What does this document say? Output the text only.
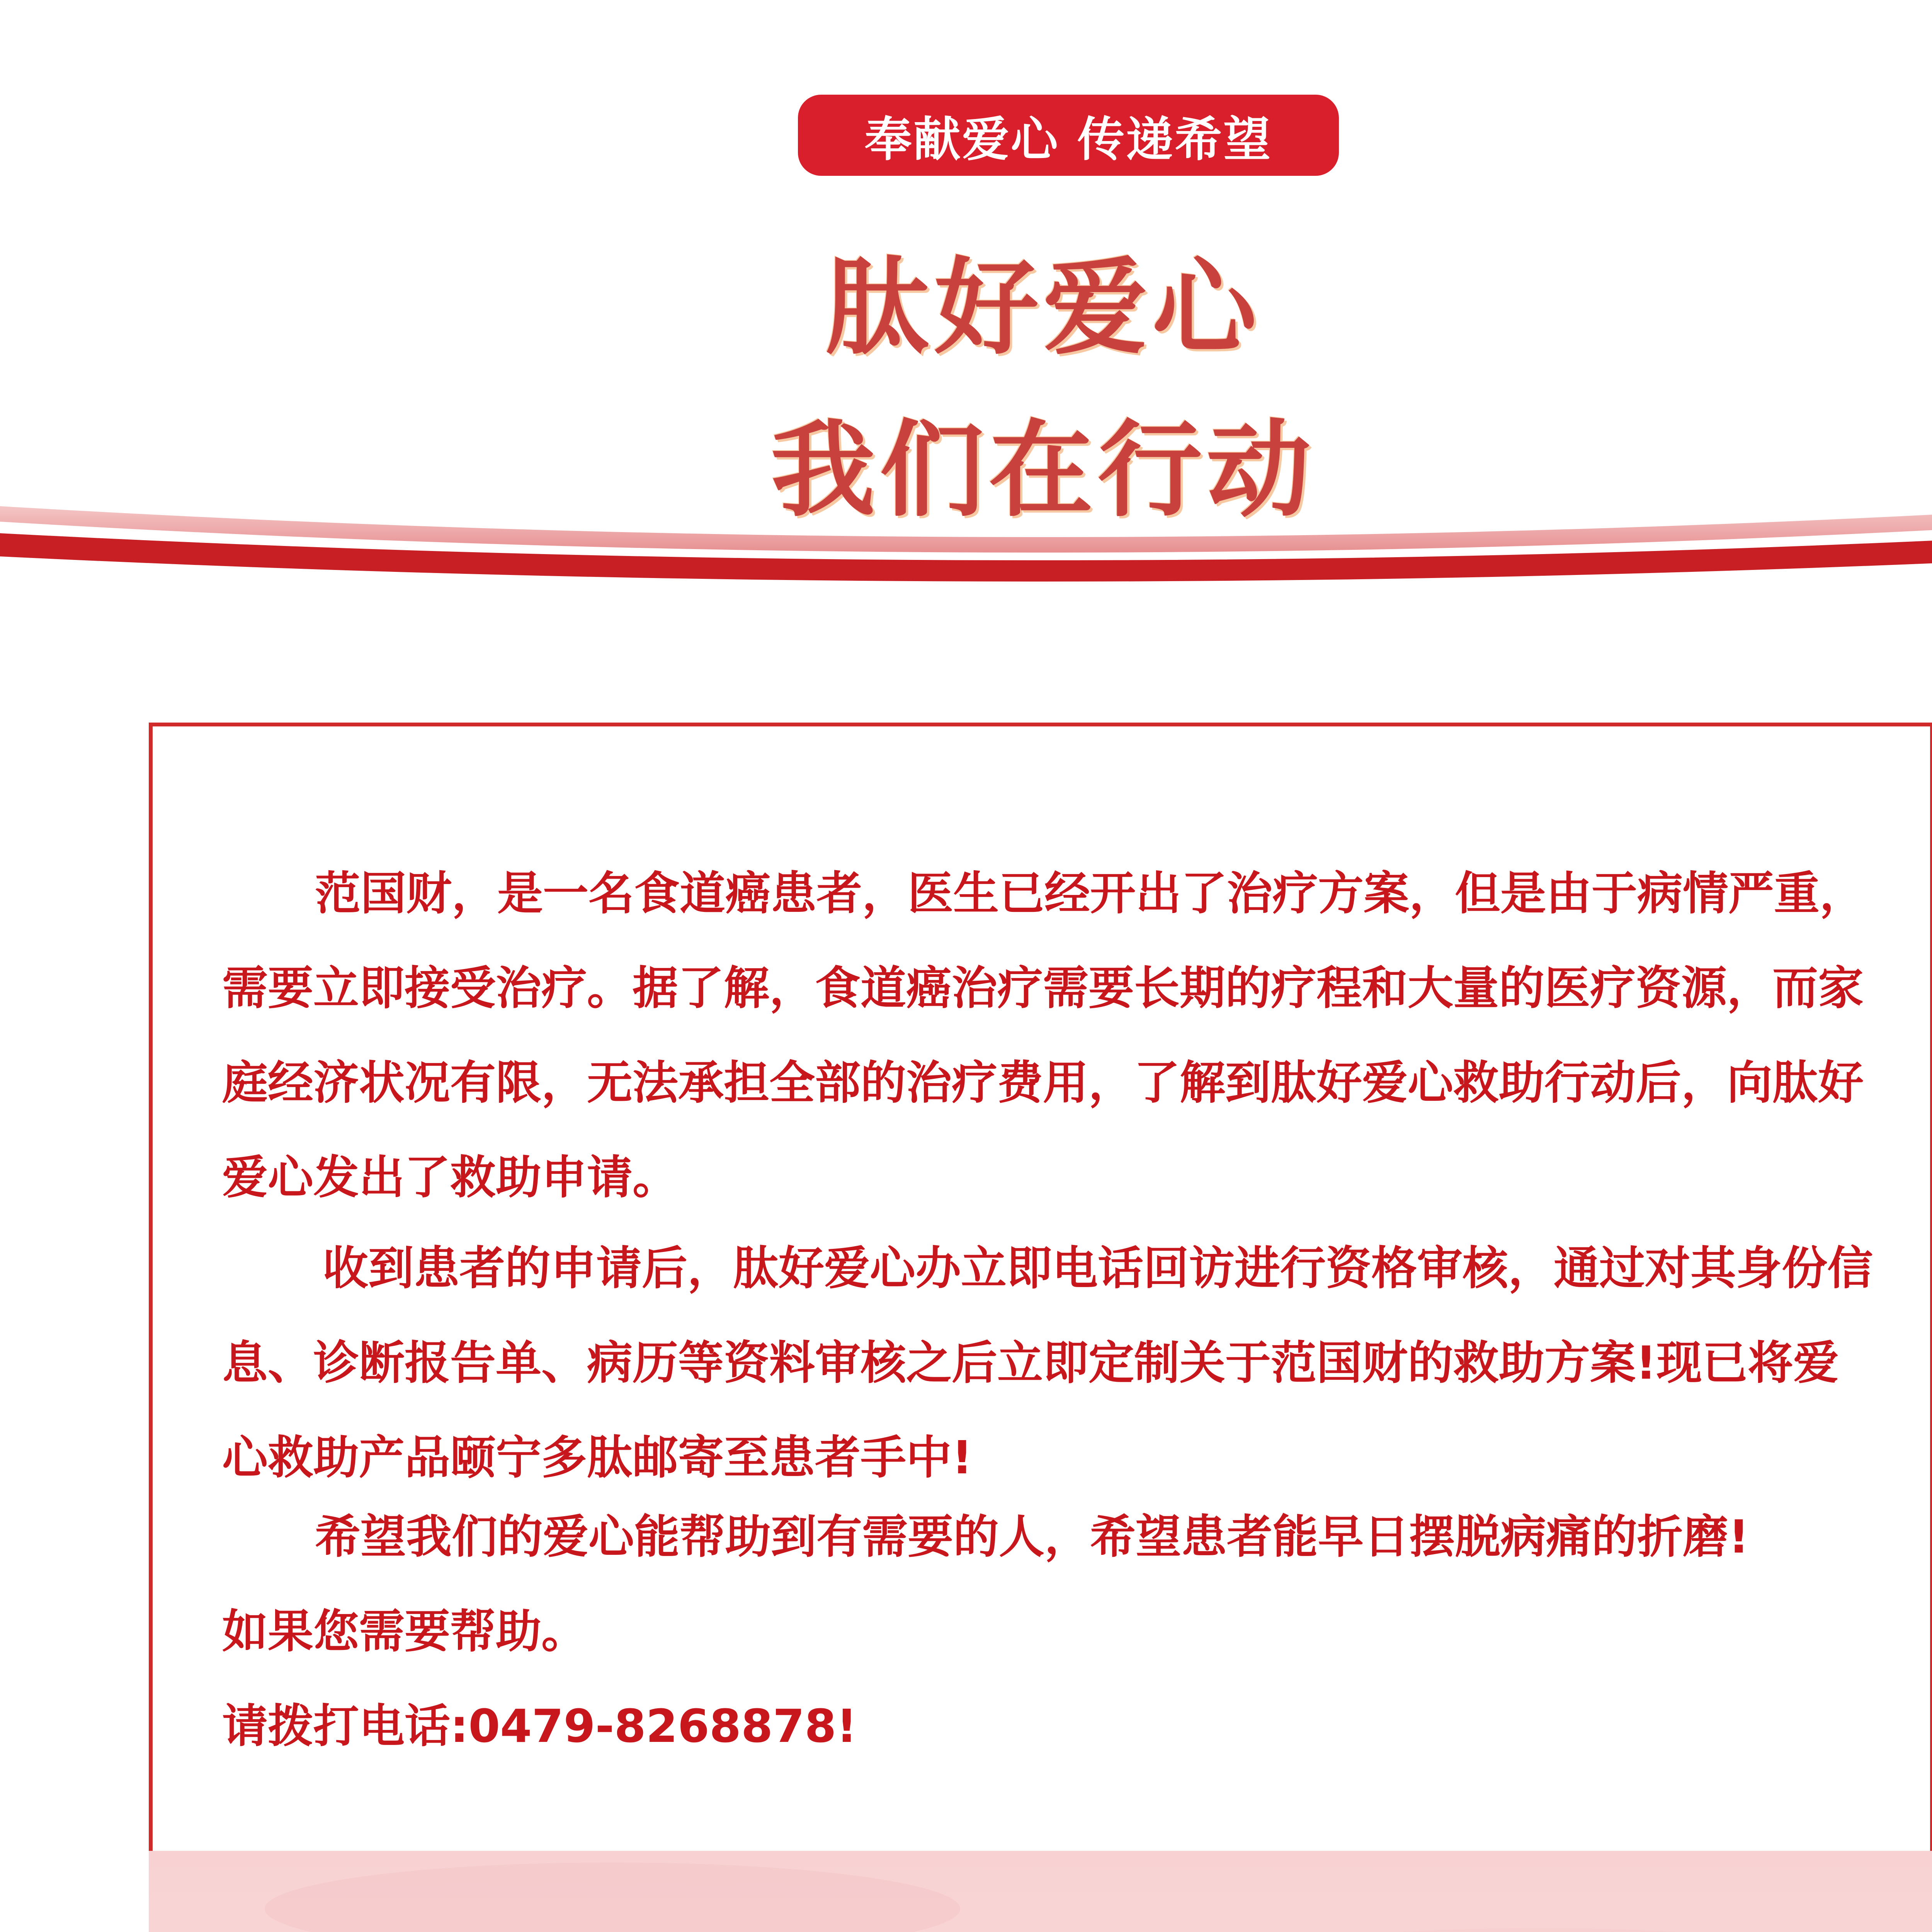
奉献爱心 传递希望
肽好爱心
我们在行动
范国财，是一名食道癌患者，医生已经开出了治疗方案，但是由于病情严重，需要立即接受治疗。据了解，食道癌治疗需要长期的疗程和大量的医疗资源，而家庭经济状况有限，无法承担全部的治疗费用，了解到肽好爱心救助行动后，向肽好爱心发出了救助申请。
收到患者的申请后，肽好爱心办立即电话回访进行资格审核，通过对其身份信息、诊断报告单、病历等资料审核之后立即定制关于范国财的救助方案!现已将爱心救助产品颐宁多肽邮寄至患者手中!
希望我们的爱心能帮助到有需要的人，希望患者能早日摆脱病痛的折磨!
如果您需要帮助。
请拨打电话:0479-8268878!
